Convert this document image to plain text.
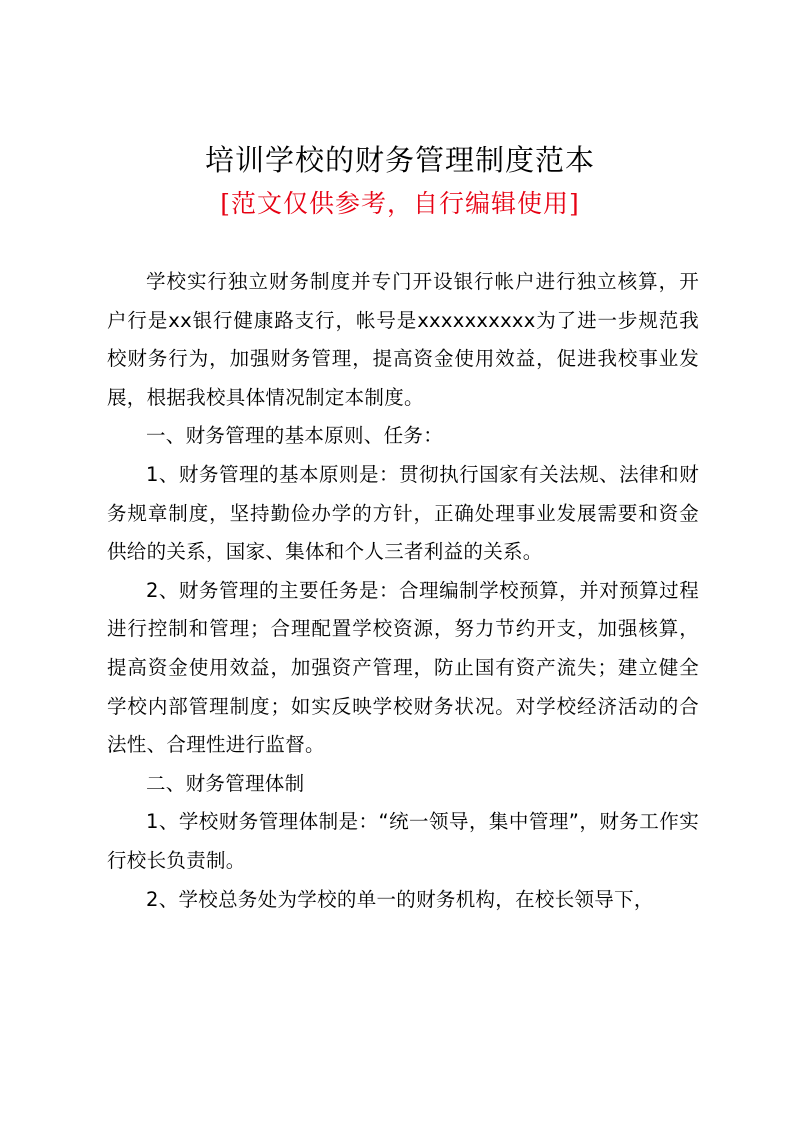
培训学校的财务管理制度范本
[范文仅供参考，自行编辑使用]

学校实行独立财务制度并专门开设银行帐户进行独立核算，开户行是xx银行健康路支行，帐号是xxxxxxxxxx为了进一步规范我校财务行为，加强财务管理，提高资金使用效益，促进我校事业发展，根据我校具体情况制定本制度。

一、财务管理的基本原则、任务：

1、财务管理的基本原则是：贯彻执行国家有关法规、法律和财务规章制度，坚持勤俭办学的方针，正确处理事业发展需要和资金供给的关系，国家、集体和个人三者利益的关系。

2、财务管理的主要任务是：合理编制学校预算，并对预算过程进行控制和管理；合理配置学校资源，努力节约开支，加强核算，提高资金使用效益，加强资产管理，防止国有资产流失；建立健全学校内部管理制度；如实反映学校财务状况。对学校经济活动的合法性、合理性进行监督。

二、财务管理体制

1、学校财务管理体制是：“统一领导，集中管理”，财务工作实行校长负责制。

2、学校总务处为学校的单一的财务机构，在校长领导下，
